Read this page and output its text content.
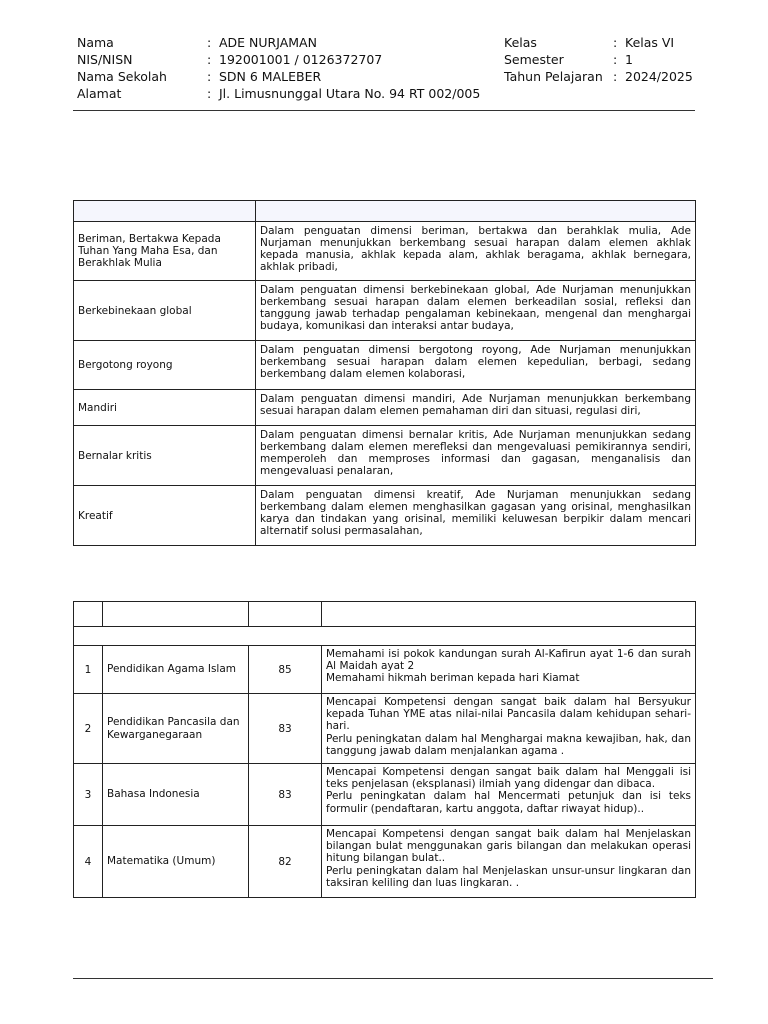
Nama	: ADE NURJAMAN
NIS/NISN	: 192001001 / 0126372707
Nama Sekolah	: SDN 6 MALEBER
Alamat	: Jl. Limusnunggal Utara No. 94 RT 002/005
Kelas	: Kelas VI
Semester	: 1
Tahun Pelajaran : 2024/2025

Beriman, Bertakwa Kepada Tuhan Yang Maha Esa, dan Berakhlak Mulia	Dalam penguatan dimensi beriman, bertakwa dan berahklak mulia, Ade Nurjaman menunjukkan berkembang sesuai harapan dalam elemen akhlak kepada manusia, akhlak kepada alam, akhlak beragama, akhlak bernegara, akhlak pribadi,
Berkebinekaan global	Dalam penguatan dimensi berkebinekaan global, Ade Nurjaman menunjukkan berkembang sesuai harapan dalam elemen berkeadilan sosial, refleksi dan tanggung jawab terhadap pengalaman kebinekaan, mengenal dan menghargai budaya, komunikasi dan interaksi antar budaya,
Bergotong royong	Dalam penguatan dimensi bergotong royong, Ade Nurjaman menunjukkan berkembang sesuai harapan dalam elemen kepedulian, berbagi, sedang berkembang dalam elemen kolaborasi,
Mandiri	Dalam penguatan dimensi mandiri, Ade Nurjaman menunjukkan berkembang sesuai harapan dalam elemen pemahaman diri dan situasi, regulasi diri,
Bernalar kritis	Dalam penguatan dimensi bernalar kritis, Ade Nurjaman menunjukkan sedang berkembang dalam elemen merefleksi dan mengevaluasi pemikirannya sendiri, memperoleh dan memproses informasi dan gagasan, menganalisis dan mengevaluasi penalaran,
Kreatif	Dalam penguatan dimensi kreatif, Ade Nurjaman menunjukkan sedang berkembang dalam elemen menghasilkan gagasan yang orisinal, menghasilkan karya dan tindakan yang orisinal, memiliki keluwesan berpikir dalam mencari alternatif solusi permasalahan,

1	Pendidikan Agama Islam	85	Memahami isi pokok kandungan surah Al-Kafirun ayat 1-6 dan surah Al Maidah ayat 2
Memahami hikmah beriman kepada hari Kiamat

2	Pendidikan Pancasila dan Kewarganegaraan	83	Mencapai Kompetensi dengan sangat baik dalam hal Bersyukur kepada Tuhan YME atas nilai-nilai Pancasila dalam kehidupan sehari-hari.
Perlu peningkatan dalam hal Menghargai makna kewajiban, hak, dan tanggung jawab dalam menjalankan agama .

3	Bahasa Indonesia	83	Mencapai Kompetensi dengan sangat baik dalam hal Menggali isi teks penjelasan (eksplanasi) ilmiah yang didengar dan dibaca.
Perlu peningkatan dalam hal Mencermati petunjuk dan isi teks formulir (pendaftaran, kartu anggota, daftar riwayat hidup)..

4	Matematika (Umum)	82	Mencapai Kompetensi dengan sangat baik dalam hal Menjelaskan bilangan bulat menggunakan garis bilangan dan melakukan operasi hitung bilangan bulat..
Perlu peningkatan dalam hal Menjelaskan unsur-unsur lingkaran dan taksiran keliling dan luas lingkaran. .
